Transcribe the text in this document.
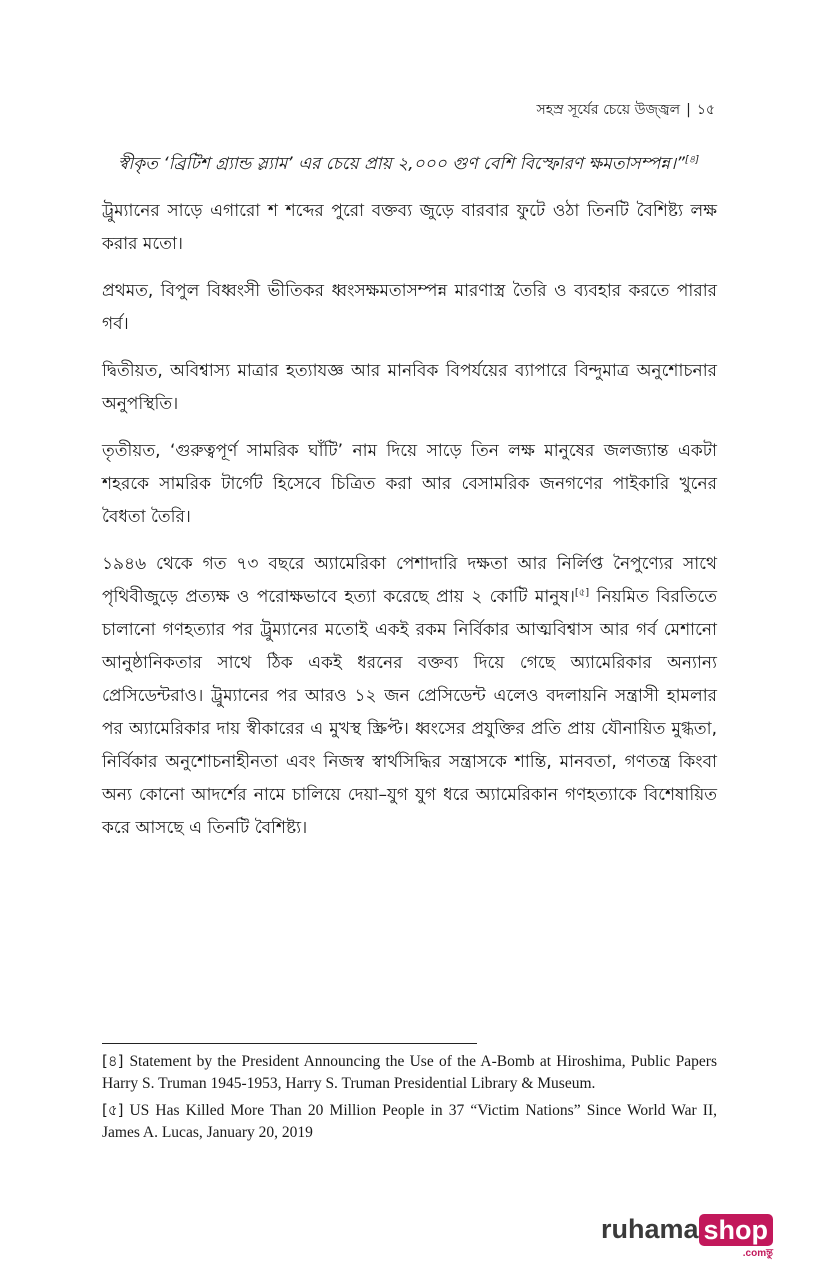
সহস্র সূর্যের চেয়ে উজ্জ্বল | ১৫

স্বীকৃত ‘ব্রিটিশ গ্র্যান্ড স্ল্যাম’ এর চেয়ে প্রায় ২,০০০ গুণ বেশি বিস্ফোরণ ক্ষমতাসম্পন্ন।”[৪]

ট্রুম্যানের সাড়ে এগারো শ শব্দের পুরো বক্তব্য জুড়ে বারবার ফুটে ওঠা তিনটি বৈশিষ্ট্য লক্ষ করার মতো।

প্রথমত, বিপুল বিধ্বংসী ভীতিকর ধ্বংসক্ষমতাসম্পন্ন মারণাস্ত্র তৈরি ও ব্যবহার করতে পারার গর্ব।

দ্বিতীয়ত, অবিশ্বাস্য মাত্রার হত্যাযজ্ঞ আর মানবিক বিপর্যয়ের ব্যাপারে বিন্দুমাত্র অনুশোচনার অনুপস্থিতি।

তৃতীয়ত, ‘গুরুত্বপূর্ণ সামরিক ঘাঁটি’ নাম দিয়ে সাড়ে তিন লক্ষ মানুষের জলজ্যান্ত একটা শহরকে সামরিক টার্গেট হিসেবে চিত্রিত করা আর বেসামরিক জনগণের পাইকারি খুনের বৈধতা তৈরি।

১৯৪৬ থেকে গত ৭৩ বছরে অ্যামেরিকা পেশাদারি দক্ষতা আর নির্লিপ্ত নৈপুণ্যের সাথে পৃথিবীজুড়ে প্রত্যক্ষ ও পরোক্ষভাবে হত্যা করেছে প্রায় ২ কোটি মানুষ।[৫] নিয়মিত বিরতিতে চালানো গণহত্যার পর ট্রুম্যানের মতোই একই রকম নির্বিকার আত্মবিশ্বাস আর গর্ব মেশানো আনুষ্ঠানিকতার সাথে ঠিক একই ধরনের বক্তব্য দিয়ে গেছে অ্যামেরিকার অন্যান্য প্রেসিডেন্টরাও। ট্রুম্যানের পর আরও ১২ জন প্রেসিডেন্ট এলেও বদলায়নি সন্ত্রাসী হামলার পর অ্যামেরিকার দায় স্বীকারের এ মুখস্থ স্ক্রিপ্ট। ধ্বংসের প্রযুক্তির প্রতি প্রায় যৌনায়িত মুগ্ধতা, নির্বিকার অনুশোচনাহীনতা এবং নিজস্ব স্বার্থসিদ্ধির সন্ত্রাসকে শান্তি, মানবতা, গণতন্ত্র কিংবা অন্য কোনো আদর্শের নামে চালিয়ে দেয়া–যুগ যুগ ধরে অ্যামেরিকান গণহত্যাকে বিশেষায়িত করে আসছে এ তিনটি বৈশিষ্ট্য।

[৪] Statement by the President Announcing the Use of the A-Bomb at Hiroshima, Public Papers Harry S. Truman 1945-1953, Harry S. Truman Presidential Library & Museum.

[৫] US Has Killed More Than 20 Million People in 37 “Victim Nations” Since World War II, James A. Lucas, January 20, 2019

ruhama shop
.comন্তু
